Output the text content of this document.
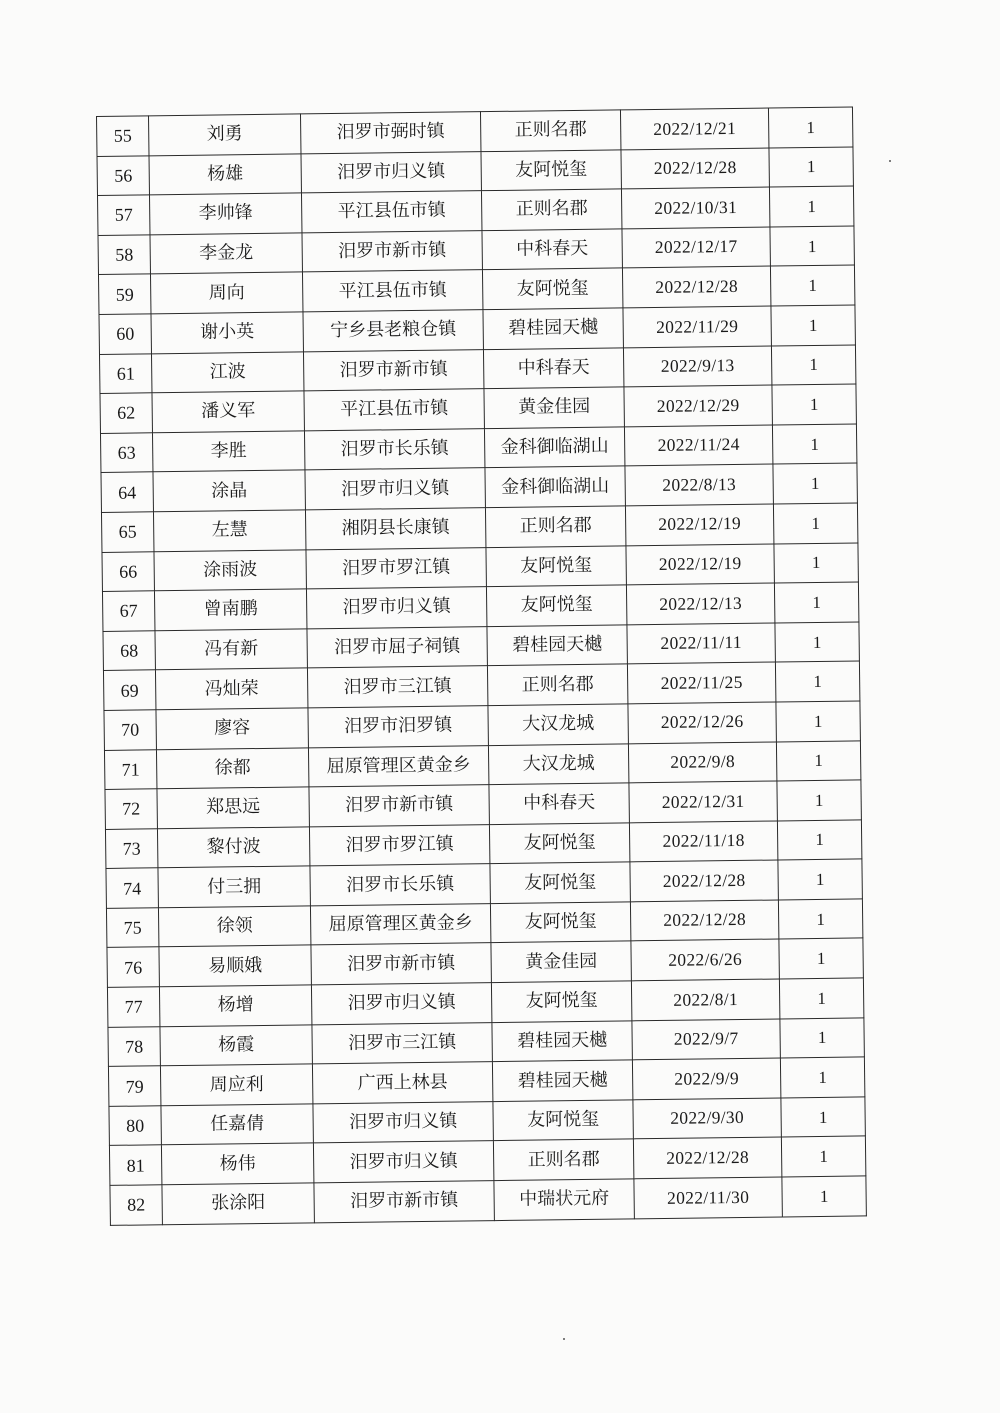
55	刘勇	汨罗市弼时镇	正则名郡	2022/12/21	1
56	杨雄	汨罗市归义镇	友阿悦玺	2022/12/28	1
57	李帅锋	平江县伍市镇	正则名郡	2022/10/31	1
58	李金龙	汨罗市新市镇	中科春天	2022/12/17	1
59	周向	平江县伍市镇	友阿悦玺	2022/12/28	1
60	谢小英	宁乡县老粮仓镇	碧桂园天樾	2022/11/29	1
61	江波	汨罗市新市镇	中科春天	2022/9/13	1
62	潘义军	平江县伍市镇	黄金佳园	2022/12/29	1
63	李胜	汨罗市长乐镇	金科御临湖山	2022/11/24	1
64	涂晶	汨罗市归义镇	金科御临湖山	2022/8/13	1
65	左慧	湘阴县长康镇	正则名郡	2022/12/19	1
66	涂雨波	汨罗市罗江镇	友阿悦玺	2022/12/19	1
67	曾南鹏	汨罗市归义镇	友阿悦玺	2022/12/13	1
68	冯有新	汨罗市屈子祠镇	碧桂园天樾	2022/11/11	1
69	冯灿荣	汨罗市三江镇	正则名郡	2022/11/25	1
70	廖容	汨罗市汨罗镇	大汉龙城	2022/12/26	1
71	徐都	屈原管理区黄金乡	大汉龙城	2022/9/8	1
72	郑思远	汨罗市新市镇	中科春天	2022/12/31	1
73	黎付波	汨罗市罗江镇	友阿悦玺	2022/11/18	1
74	付三拥	汨罗市长乐镇	友阿悦玺	2022/12/28	1
75	徐领	屈原管理区黄金乡	友阿悦玺	2022/12/28	1
76	易顺娥	汨罗市新市镇	黄金佳园	2022/6/26	1
77	杨增	汨罗市归义镇	友阿悦玺	2022/8/1	1
78	杨霞	汨罗市三江镇	碧桂园天樾	2022/9/7	1
79	周应利	广西上林县	碧桂园天樾	2022/9/9	1
80	任嘉倩	汨罗市归义镇	友阿悦玺	2022/9/30	1
81	杨伟	汨罗市归义镇	正则名郡	2022/12/28	1
82	张涂阳	汨罗市新市镇	中瑞状元府	2022/11/30	1
